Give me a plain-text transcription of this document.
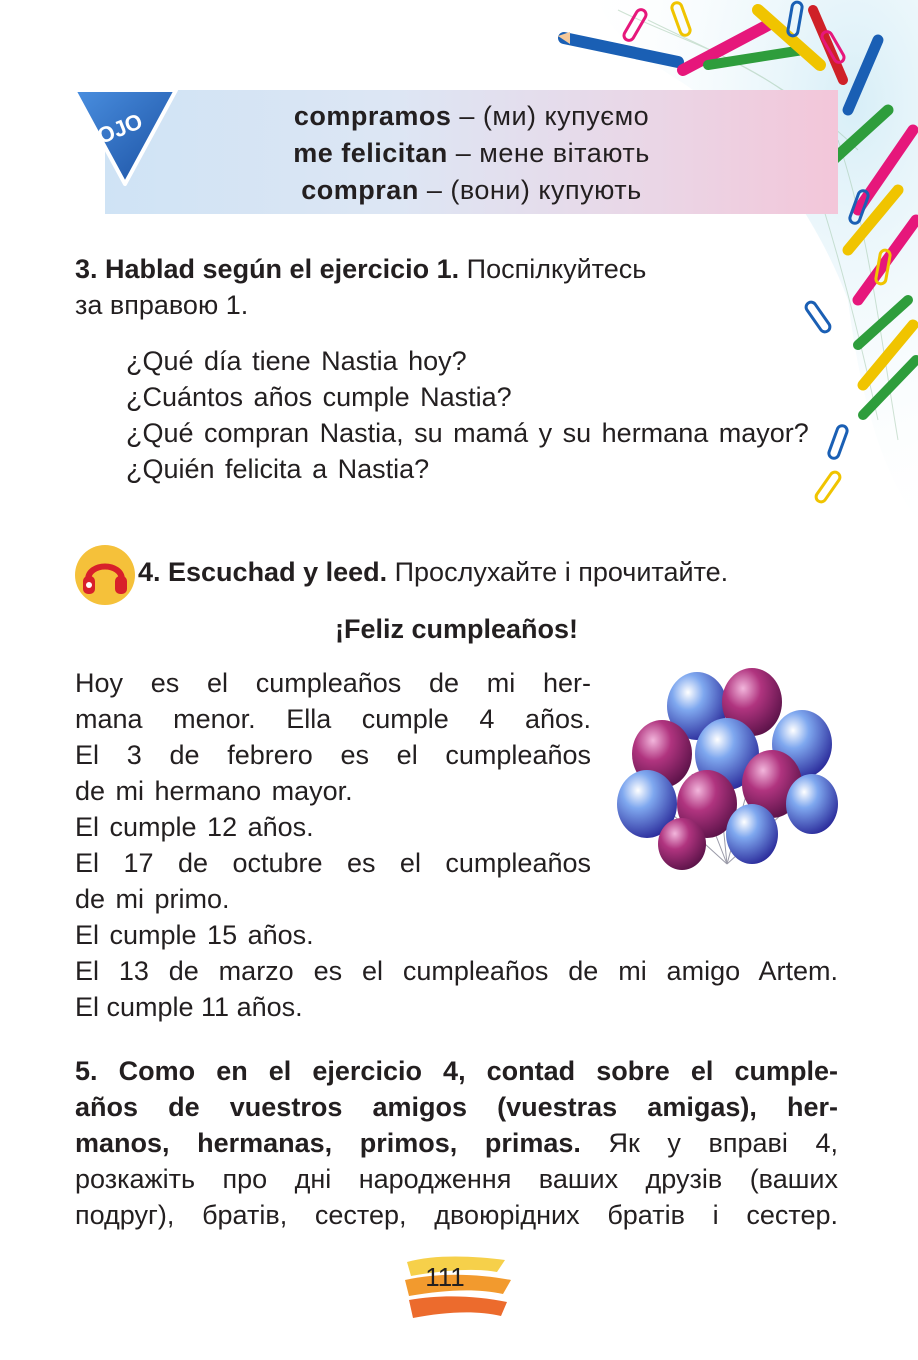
OJO	compramos – (ми) купуємо
me felicitan – мене вітають
compran – (вони) купують
3. Hablad según el ejercicio 1. Поспілкуйтесь
за вправою 1.

¿Qué día tiene Nastia hoy?

¿Cuántos años cumple Nastia?

¿Qué compran Nastia, su mamá y su hermana mayor?

¿Quién felicita a Nastia?

4. Escuchad y leed. Прослухайте і прочитайте.
¡Feliz cumpleaños!
Hoy es el cumpleaños de mi her-
mana menor. Ella cumple 4 años.
El 3 de febrero es el cumpleaños
de mi hermano mayor.
El cumple 12 años.
El 17 de octubre es el cumpleaños
de mi primo.
El cumple 15 años.
El 13 de marzo es el cumpleaños de mi amigo Artem.
El cumple 11 años.
5. Como en el ejercicio 4, contad sobre el cumple-
años de vuestros amigos (vuestras amigas), her-
manos, hermanas, primos, primas. Як у вправі 4,
розкажіть про дні народження ваших друзів (ваших
подруг), братів, сестер, двоюрідних братів і сестер.
111
